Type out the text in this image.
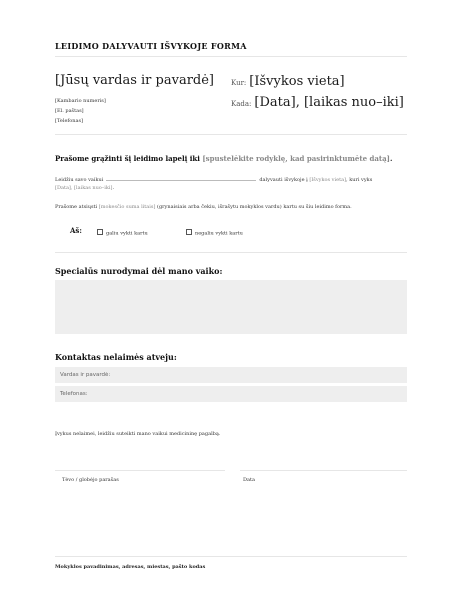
LEIDIMO DALYVAUTI IŠVYKOJE FORMA
[Jūsų vardas ir pavardė]
[Kambario numeris]
[El. paštas]
[Telefonas]
Kur: [Išvykos vieta]
Kada: [Data], [laikas nuo–iki]
Prašome grąžinti šį leidimo lapelį iki [spustelėkite rodyklę, kad pasirinktumėte datą].
Leidžiu savo vaikui	dalyvauti išvykoje į [Išvykos vieta], kuri vyks
[Data], [laikas nuo–iki].
Prašome atsiųsti [mokesčio suma litais] (grynaisiais arba čekiu, išrašytu mokyklos vardu) kartu su šiu leidimo forma.
Aš:	galiu vykti kartu	negaliu vykti kartu
Specialūs nurodymai dėl mano vaiko:
Kontaktas nelaimės atveju:
Vardas ir pavardė:
Telefonas:
Įvykus nelaimei, leidžiu suteikti mano vaikui medicininę pagalbą.
Tėvo / globėjo parašas	Data
Mokyklos pavadinimas, adresas, miestas, pašto kodas
